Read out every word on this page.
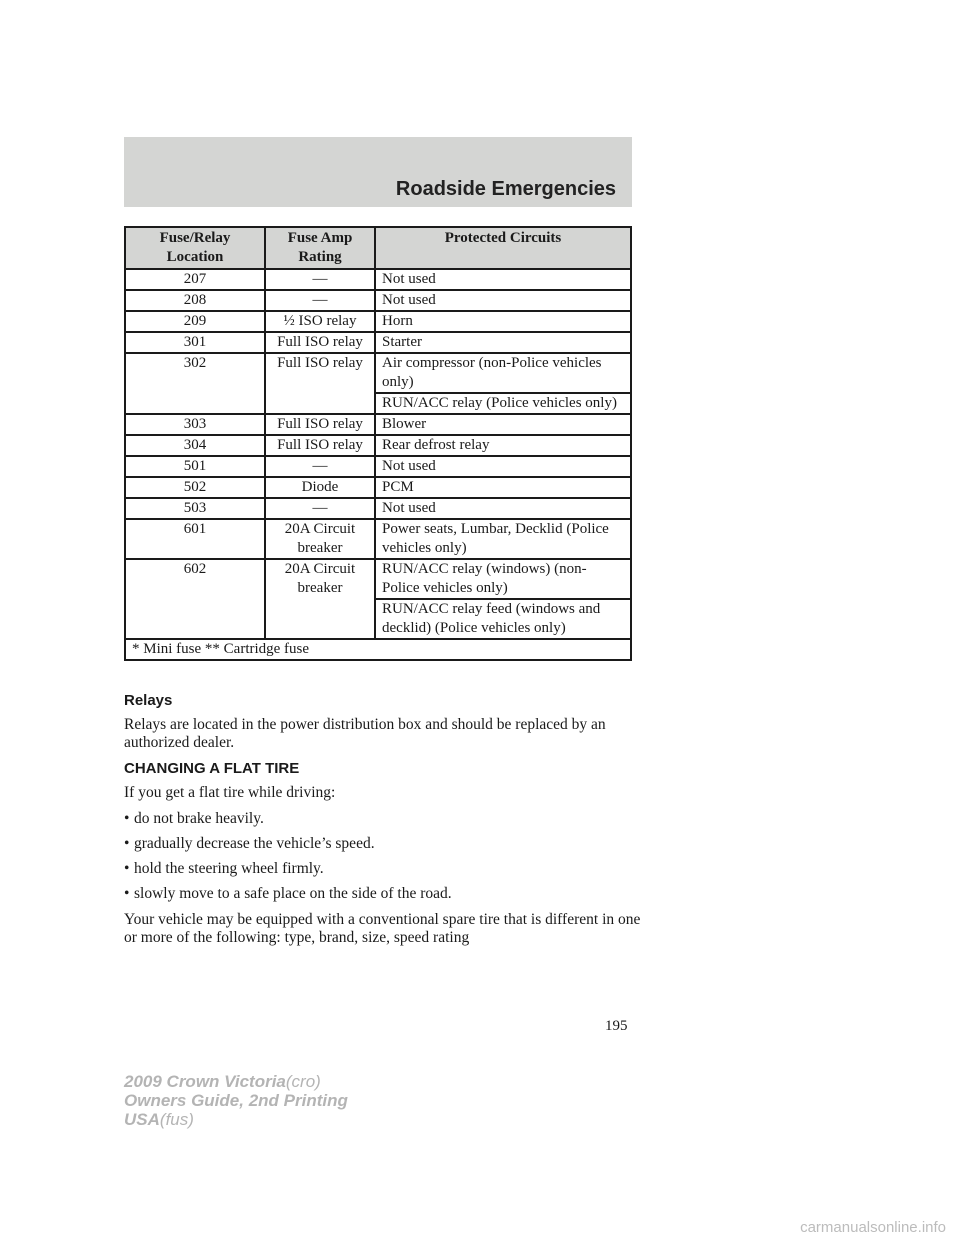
Roadside Emergencies
Fuse/Relay Location	Fuse Amp Rating	Protected Circuits
207	—	Not used
208	—	Not used
209	½ ISO relay	Horn
301	Full ISO relay	Starter
302	Full ISO relay	Air compressor (non-Police vehicles only)
		RUN/ACC relay (Police vehicles only)
303	Full ISO relay	Blower
304	Full ISO relay	Rear defrost relay
501	—	Not used
502	Diode	PCM
503	—	Not used
601	20A Circuit breaker	Power seats, Lumbar, Decklid (Police vehicles only)
602	20A Circuit breaker	RUN/ACC relay (windows) (non-Police vehicles only)
		RUN/ACC relay feed (windows and decklid) (Police vehicles only)
* Mini fuse ** Cartridge fuse		
Relays

Relays are located in the power distribution box and should be replaced by an authorized dealer.

CHANGING A FLAT TIRE

If you get a flat tire while driving:

• do not brake heavily.
• gradually decrease the vehicle’s speed.
• hold the steering wheel firmly.
• slowly move to a safe place on the side of the road.

Your vehicle may be equipped with a conventional spare tire that is different in one or more of the following: type, brand, size, speed rating

195
2009 Crown Victoria(cro)
Owners Guide, 2nd Printing
USA(fus)
carmanualsonline.info
